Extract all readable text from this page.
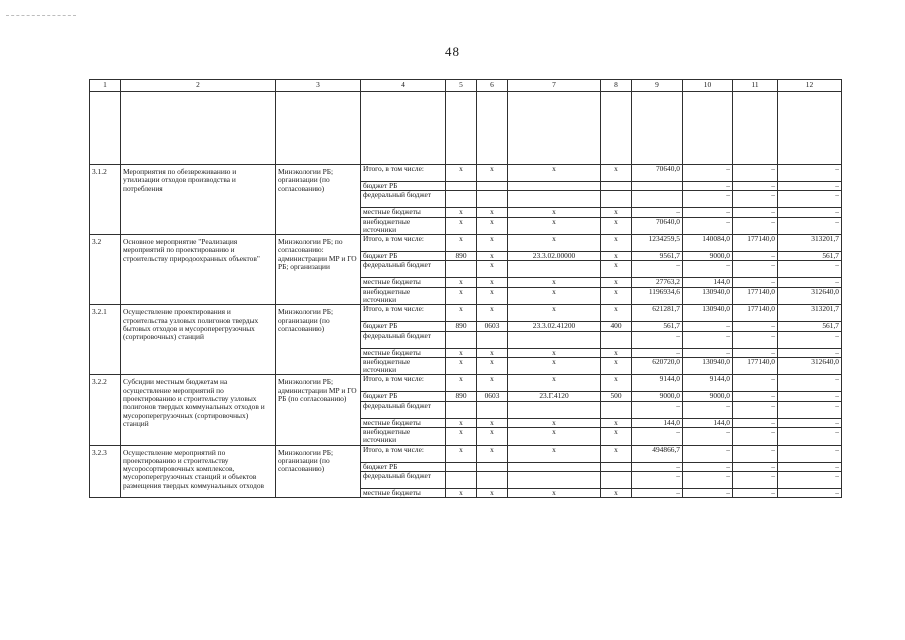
48
1	2	3	4	5	6	7	8	9	10	11	12

3.1.2	Мероприятия по обезвреживанию и утилизации отходов производства и потребления	Минэкологии РБ; организации (по согласованию)	Итого, в том числе:	x	x	x	x	70640,0	–	–	–
			бюджет РБ						–	–	–
			федеральный бюджет						–	–	–
			местные бюджеты	x	x	x	x	–	–	–	–
			внебюджетные источники	x	x	x	x	70640,0	–	–	–
3.2	Основное мероприятие "Реализация мероприятий по проектированию и строительству природоохранных объектов"	Минэкологии РБ; по согласованию: администрации МР и ГО РБ; организации	Итого, в том числе:	x	x	x	x	1234259,5	140084,0	177140,0	313201,7
			бюджет РБ	890	x	23.3.02.00000	x	9561,7	9000,0	–	561,7
			федеральный бюджет		x		x	–	–	–	–
			местные бюджеты	x	x	x	x	27763,2	144,0	–	–
			внебюджетные источники	x	x	x	x	1196934,6	130940,0	177140,0	312640,0
3.2.1	Осуществление проектирования и строительства узловых полигонов твердых бытовых отходов и мусороперегрузочных (сортировочных) станций	Минэкологии РБ; организации (по согласованию)	Итого, в том числе:	x	x	x	x	621281,7	130940,0	177140,0	313201,7
			бюджет РБ	890	0603	23.3.02.41200	400	561,7	–	–	561,7
			федеральный бюджет					–	–	–	–
			местные бюджеты	x	x	x	x	–	–	–	–
			внебюджетные источники	x	x	x	x	620720,0	130940,0	177140,0	312640,0
3.2.2	Субсидии местным бюджетам на осуществление мероприятий по проектированию и строительству узловых полигонов твердых коммунальных отходов и мусороперегрузочных (сортировочных) станций	Минэкологии РБ; администрации МР и ГО РБ (по согласованию)	Итого, в том числе:	x	x	x	x	9144,0	9144,0	–	–
			бюджет РБ	890	0603	23.Г.4120	500	9000,0	9000,0	–	–
			федеральный бюджет					–	–	–	–
			местные бюджеты	x	x	x	x	144,0	144,0	–	–
			внебюджетные источники	x	x	x	x	–	–	–	–
3.2.3	Осуществление мероприятий по проектированию и строительству мусоросортировочных комплексов, мусороперегрузочных станций и объектов размещения твердых коммунальных отходов	Минэкологии РБ; организации (по согласованию)	Итого, в том числе:	x	x	x	x	494866,7	–	–	–
			бюджет РБ					–	–	–	–
			федеральный бюджет					–	–	–	–
			местные бюджеты	x	x	x	x	–	–	–	–
